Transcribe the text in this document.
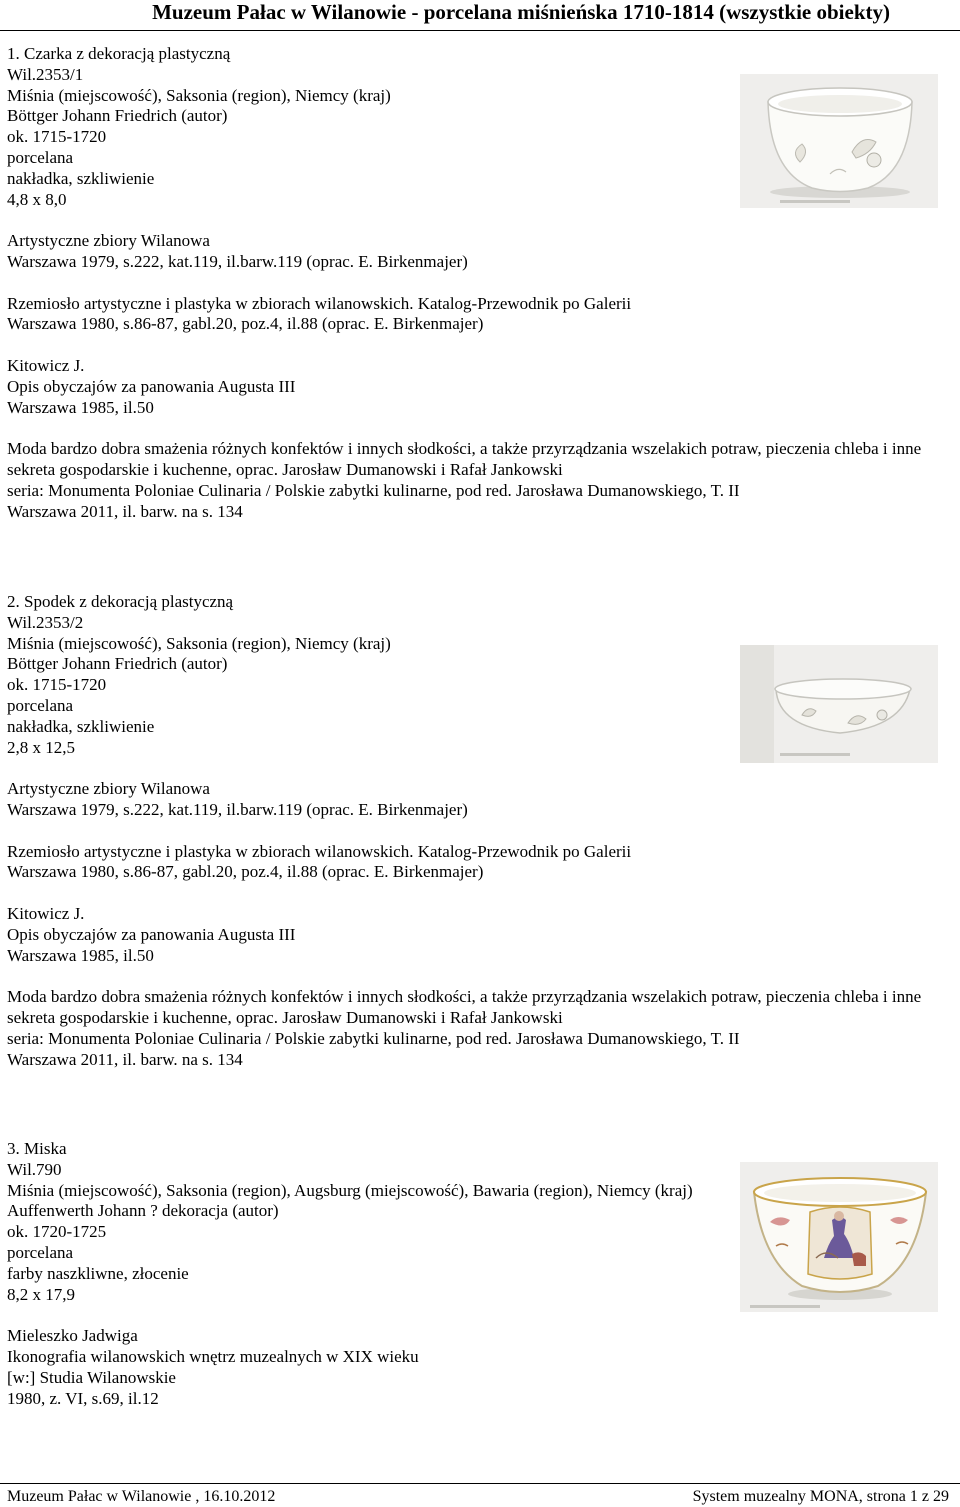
Muzeum Pałac w Wilanowie - porcelana miśnieńska 1710-1814 (wszystkie obiekty)
1. Czarka z dekoracją plastyczną
Wil.2353/1
Miśnia (miejscowość), Saksonia (region), Niemcy (kraj)
Böttger Johann Friedrich (autor)
ok. 1715-1720
porcelana
nakładka, szkliwienie
4,8 x 8,0
Artystyczne zbiory Wilanowa
Warszawa 1979, s.222, kat.119, il.barw.119 (oprac. E. Birkenmajer)
Rzemiosło artystyczne i plastyka w zbiorach wilanowskich. Katalog-Przewodnik po Galerii
Warszawa 1980, s.86-87, gabl.20, poz.4, il.88 (oprac. E. Birkenmajer)
Kitowicz J.
Opis obyczajów za panowania Augusta III
Warszawa 1985, il.50
Moda bardzo dobra smażenia różnych konfektów i innych słodkości, a także przyrządzania wszelakich potraw, pieczenia chleba i inne sekreta gospodarskie i kuchenne, oprac. Jarosław Dumanowski i Rafał Jankowski
seria: Monumenta Poloniae Culinaria / Polskie zabytki kulinarne, pod red. Jarosława Dumanowskiego, T. II
Warszawa 2011, il. barw. na s. 134
2. Spodek z dekoracją plastyczną
Wil.2353/2
Miśnia (miejscowość), Saksonia (region), Niemcy (kraj)
Böttger Johann Friedrich (autor)
ok. 1715-1720
porcelana
nakładka, szkliwienie
2,8 x 12,5
Artystyczne zbiory Wilanowa
Warszawa 1979, s.222, kat.119, il.barw.119 (oprac. E. Birkenmajer)
Rzemiosło artystyczne i plastyka w zbiorach wilanowskich. Katalog-Przewodnik po Galerii
Warszawa 1980, s.86-87, gabl.20, poz.4, il.88 (oprac. E. Birkenmajer)
Kitowicz J.
Opis obyczajów za panowania Augusta III
Warszawa 1985, il.50
Moda bardzo dobra smażenia różnych konfektów i innych słodkości, a także przyrządzania wszelakich potraw, pieczenia chleba i inne sekreta gospodarskie i kuchenne, oprac. Jarosław Dumanowski i Rafał Jankowski
seria: Monumenta Poloniae Culinaria / Polskie zabytki kulinarne, pod red. Jarosława Dumanowskiego, T. II
Warszawa 2011, il. barw. na s. 134
3. Miska
Wil.790
Miśnia (miejscowość), Saksonia (region), Augsburg (miejscowość), Bawaria (region), Niemcy (kraj)
Auffenwerth Johann ? dekoracja (autor)
ok. 1720-1725
porcelana
farby naszkliwne, złocenie
8,2 x 17,9
Mieleszko Jadwiga
Ikonografia wilanowskich wnętrz muzealnych w XIX wieku
[w:] Studia Wilanowskie
1980, z. VI, s.69, il.12
Muzeum Pałac w Wilanowie , 16.10.2012	System muzealny MONA, strona 1 z 29
